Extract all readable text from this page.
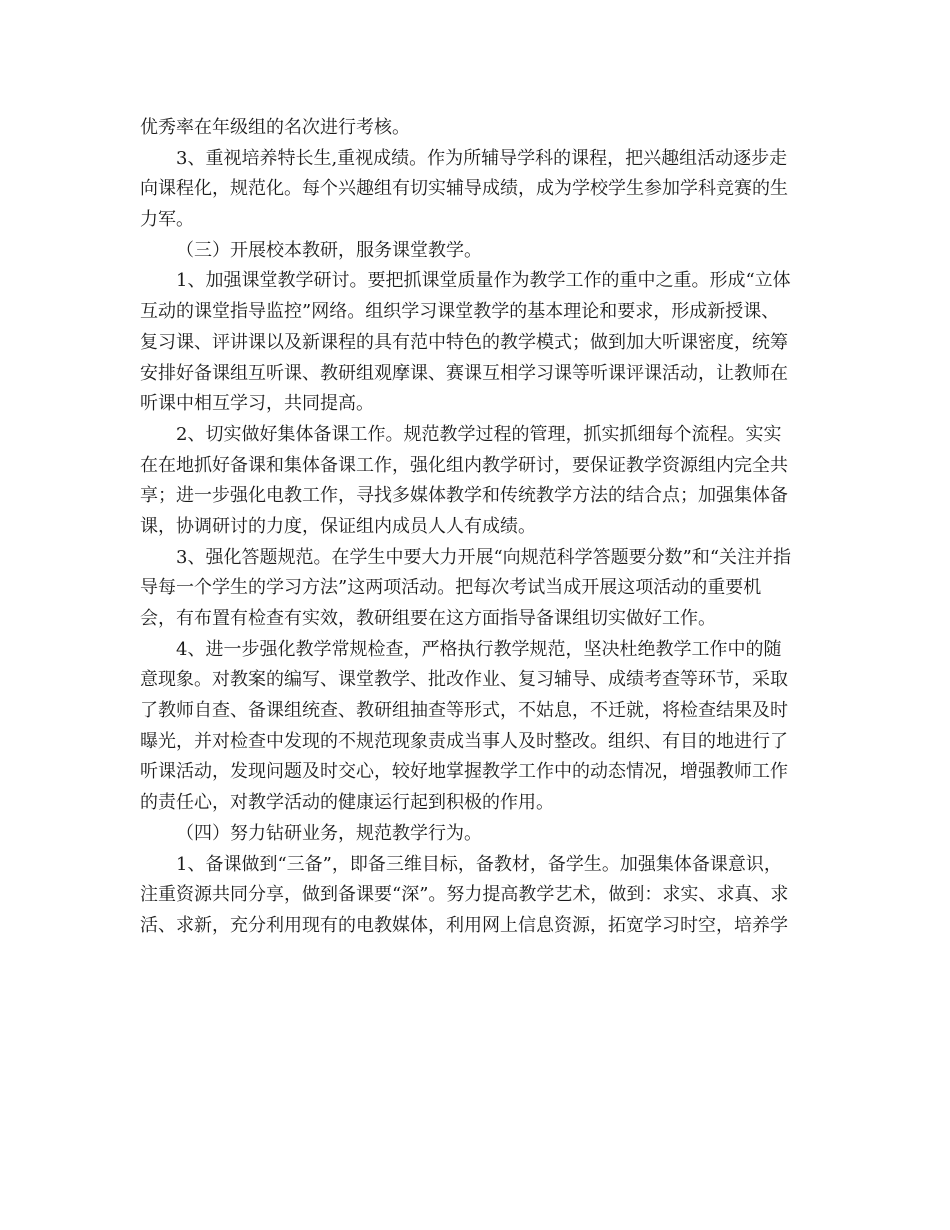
优秀率在年级组的名次进行考核。
3、重视培养特长生,重视成绩。作为所辅导学科的课程，把兴趣组活动逐步走
向课程化，规范化。每个兴趣组有切实辅导成绩，成为学校学生参加学科竞赛的生
力军。
（三）开展校本教研，服务课堂教学。
1、加强课堂教学研讨。要把抓课堂质量作为教学工作的重中之重。形成“立体
互动的课堂指导监控”网络。组织学习课堂教学的基本理论和要求，形成新授课、
复习课、评讲课以及新课程的具有范中特色的教学模式；做到加大听课密度，统筹
安排好备课组互听课、教研组观摩课、赛课互相学习课等听课评课活动，让教师在
听课中相互学习，共同提高。
2、切实做好集体备课工作。规范教学过程的管理，抓实抓细每个流程。实实
在在地抓好备课和集体备课工作，强化组内教学研讨，要保证教学资源组内完全共
享；进一步强化电教工作，寻找多媒体教学和传统教学方法的结合点；加强集体备
课，协调研讨的力度，保证组内成员人人有成绩。
3、强化答题规范。在学生中要大力开展“向规范科学答题要分数”和“关注并指
导每一个学生的学习方法”这两项活动。把每次考试当成开展这项活动的重要机
会，有布置有检查有实效，教研组要在这方面指导备课组切实做好工作。
4、进一步强化教学常规检查，严格执行教学规范，坚决杜绝教学工作中的随
意现象。对教案的编写、课堂教学、批改作业、复习辅导、成绩考查等环节，采取
了教师自查、备课组统查、教研组抽查等形式，不姑息，不迁就，将检查结果及时
曝光，并对检查中发现的不规范现象责成当事人及时整改。组织、有目的地进行了
听课活动，发现问题及时交心，较好地掌握教学工作中的动态情况，增强教师工作
的责任心，对教学活动的健康运行起到积极的作用。
（四）努力钻研业务，规范教学行为。
1、备课做到“三备”，即备三维目标，备教材，备学生。加强集体备课意识，
注重资源共同分享，做到备课要“深”。努力提高教学艺术，做到：求实、求真、求
活、求新，充分利用现有的电教媒体，利用网上信息资源，拓宽学习时空，培养学
